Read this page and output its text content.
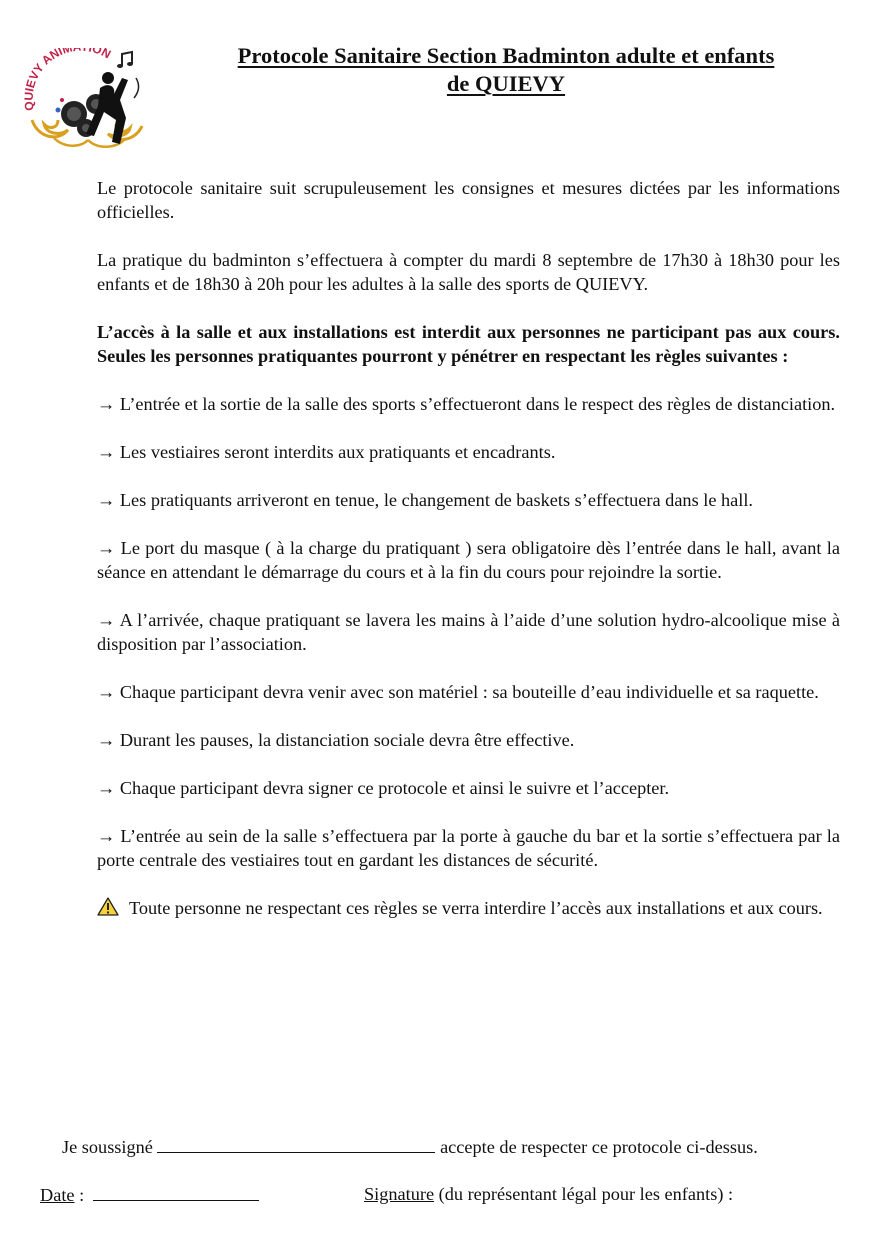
EVY ANIM ON	Protocole Sanitaire Section Badminton adulte et enfants
de QUIEVY

Le protocole sanitaire suit scrupuleusement les consignes et mesures dictées par les informations officielles.

La pratique du badminton s’effectuera à compter du mardi 8 septembre de 17h30 à 18h30 pour les enfants et de 18h30 à 20h pour les adultes à la salle des sports de QUIEVY.

L’accès à la salle et aux installations est interdit aux personnes ne participant pas aux cours. Seules les personnes pratiquantes pourront y pénétrer en respectant les règles suivantes :

→ L’entrée et la sortie de la salle des sports s’effectueront dans le respect des règles de distanciation.

→ Les vestiaires seront interdits aux pratiquants et encadrants.

→ Les pratiquants arriveront en tenue, le changement de baskets s’effectuera dans le hall.

→ Le port du masque ( à la charge du pratiquant ) sera obligatoire dès l’entrée dans le hall, avant la séance en attendant le démarrage du cours et à la fin du cours pour rejoindre la sortie.

→ A l’arrivée, chaque pratiquant se lavera les mains à l’aide d’une solution hydro-alcoolique mise à disposition par l’association.

→ Chaque participant devra venir avec son matériel : sa bouteille d’eau individuelle et sa raquette.

→ Durant les pauses, la distanciation sociale devra être effective.

→ Chaque participant devra signer ce protocole et ainsi le suivre et l’accepter.

→ L’entrée au sein de la salle s’effectuera par la porte à gauche du bar et la sortie s’effectuera par la porte centrale des vestiaires tout en gardant les distances de sécurité.

Toute personne ne respectant ces règles se verra interdire l’accès aux installations et aux cours.

Je soussigné	accepte de respecter ce protocole ci-dessus.
Date :	Signature (du représentant légal pour les enfants) :
